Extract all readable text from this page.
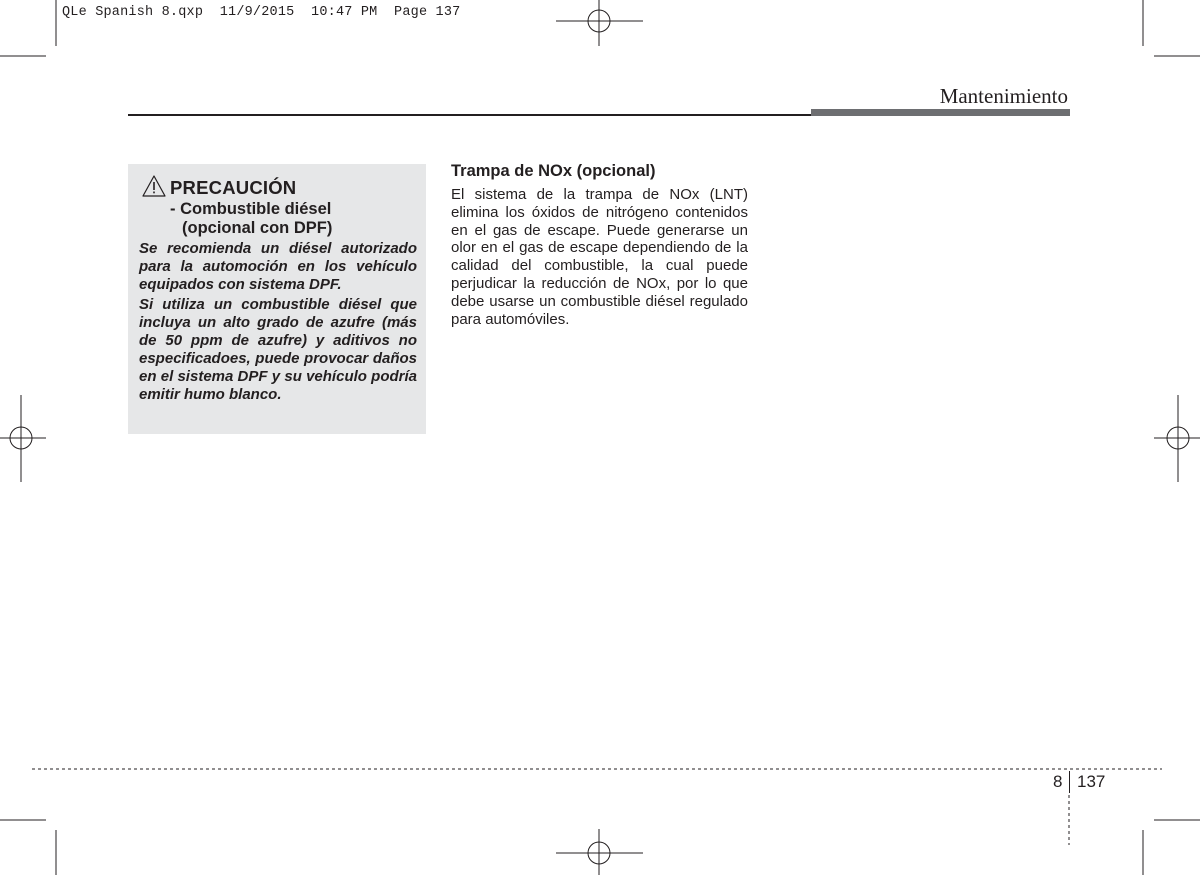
QLe Spanish 8.qxp  11/9/2015  10:47 PM  Page 137
Mantenimiento
PRECAUCIÓN
- Combustible diésel
(opcional con DPF)
Se recomienda un diésel autorizado para la automoción en los vehículo equipados con sistema DPF.
Si utiliza un combustible diésel que incluya un alto grado de azufre (más de 50 ppm de azufre) y aditivos no especificadoes, puede provocar daños en el sistema DPF y su vehículo podría emitir humo blanco.
Trampa de NOx (opcional)
El sistema de la trampa de NOx (LNT) elimina los óxidos de nitrógeno contenidos en el gas de escape. Puede generarse un olor en el gas de escape dependiendo de la calidad del combustible, la cual puede perjudicar la reducción de NOx, por lo que debe usarse un combustible diésel regulado para automóviles.
8 137
